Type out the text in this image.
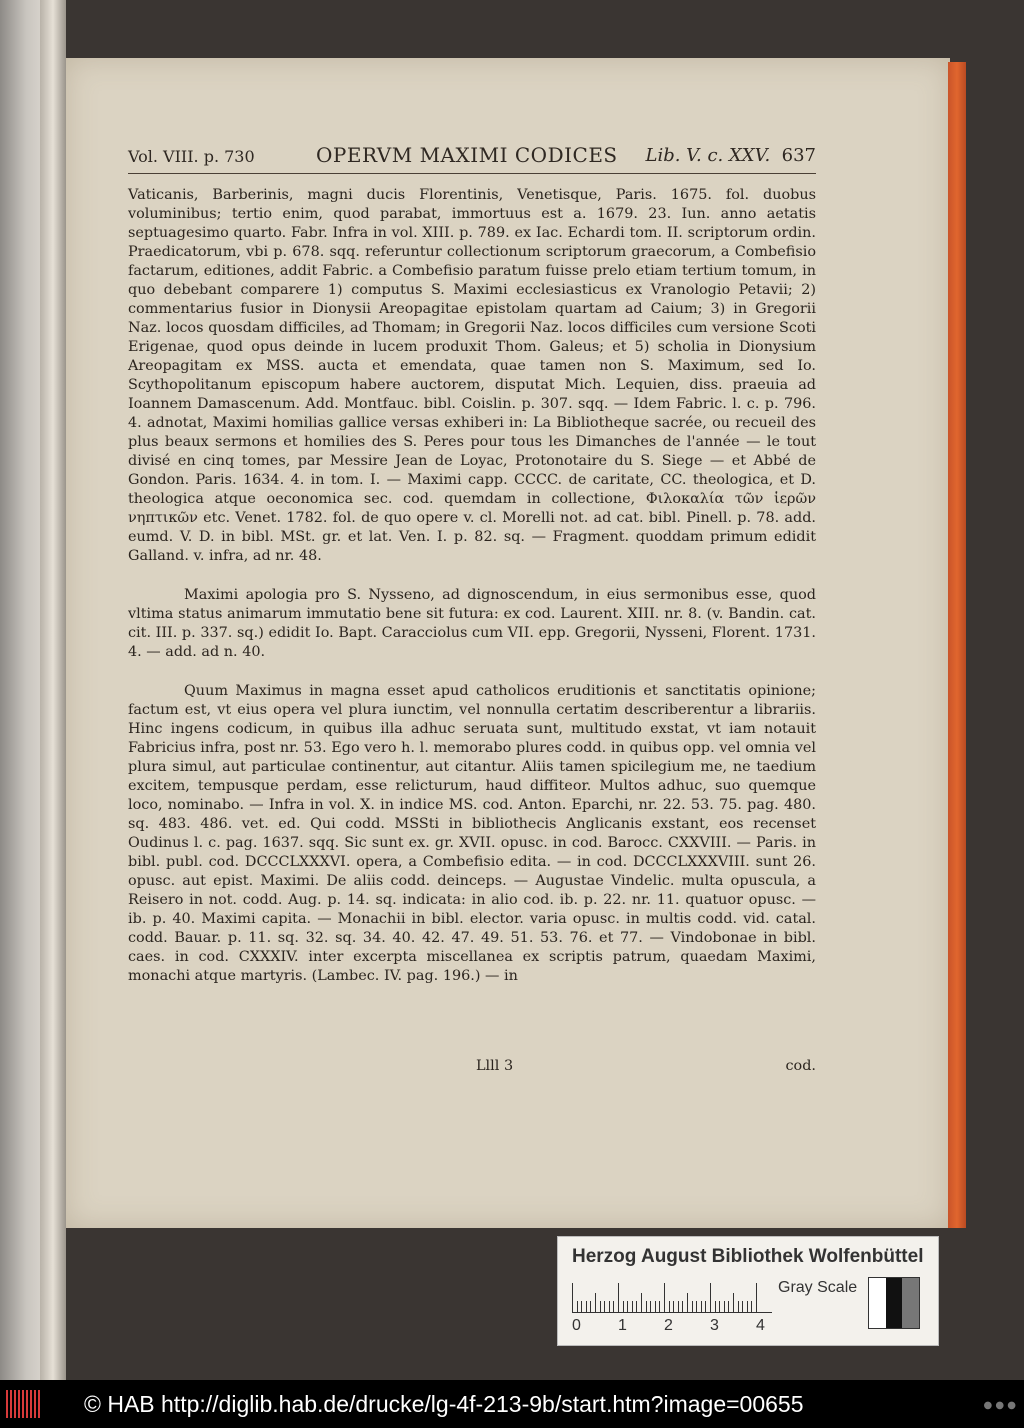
Vol. VIII. p. 730	OPERVM MAXIMI CODICES Lib. V. c. XXV. 637

Vaticanis, Barberinis, magni ducis Florentinis, Venetisque, Paris. 1675. fol. duobus voluminibus; tertio enim, quod parabat, immortuus est a. 1679. 23. Iun. anno aetatis septuagesimo quarto. Fabr. Infra in vol. XIII. p. 789. ex Iac. Echardi tom. II. scriptorum ordin. Praedicatorum, vbi p. 678. sqq. referuntur collectionum scriptorum graecorum, a Combefisio factarum, editiones, addit Fabric. a Combefisio paratum fuisse prelo etiam tertium tomum, in quo debebant comparere 1) computus S. Maximi ecclesiasticus ex Vranologio Petavii; 2) commentarius fusior in Dionysii Areopagitae epistolam quartam ad Caium; 3) in Gregorii Naz. locos quosdam difficiles, ad Thomam; in Gregorii Naz. locos difficiles cum versione Scoti Erigenae, quod opus deinde in lucem produxit Thom. Galeus; et 5) scholia in Dionysium Areopagitam ex MSS. aucta et emendata, quae tamen non S. Maximum, sed Io. Scythopolitanum episcopum habere auctorem, disputat Mich. Lequien, diss. praeuia ad Ioannem Damascenum. Add. Montfauc. bibl. Coislin. p. 307. sqq. — Idem Fabric. l. c. p. 796. 4. adnotat, Maximi homilias gallice versas exhiberi in: La Bibliotheque sacrée, ou recueil des plus beaux sermons et homilies des S. Peres pour tous les Dimanches de l'année — le tout divisé en cinq tomes, par Messire Jean de Loyac, Protonotaire du S. Siege — et Abbé de Gondon. Paris. 1634. 4. in tom. I. — Maximi capp. CCCC. de caritate, CC. theologica, et D. theologica atque oeconomica sec. cod. quemdam in collectione, Φιλοκαλία τῶν ἱερῶν νηπτικῶν etc. Venet. 1782. fol. de quo opere v. cl. Morelli not. ad cat. bibl. Pinell. p. 78. add. eumd. V. D. in bibl. MSt. gr. et lat. Ven. I. p. 82. sq. — Fragment. quoddam primum edidit Galland. v. infra, ad nr. 48.

Maximi apologia pro S. Nysseno, ad dignoscendum, in eius sermonibus esse, quod vltima status animarum immutatio bene sit futura: ex cod. Laurent. XIII. nr. 8. (v. Bandin. cat. cit. III. p. 337. sq.) edidit Io. Bapt. Caracciolus cum VII. epp. Gregorii, Nysseni, Florent. 1731. 4. — add. ad n. 40.

Quum Maximus in magna esset apud catholicos eruditionis et sanctitatis opinione; factum est, vt eius opera vel plura iunctim, vel nonnulla certatim describerentur a librariis. Hinc ingens codicum, in quibus illa adhuc seruata sunt, multitudo exstat, vt iam notauit Fabricius infra, post nr. 53. Ego vero h. l. memorabo plures codd. in quibus opp. vel omnia vel plura simul, aut particulae continentur, aut citantur. Aliis tamen spicilegium me, ne taedium excitem, tempusque perdam, esse relicturum, haud diffiteor. Multos adhuc, suo quemque loco, nominabo. — Infra in vol. X. in indice MS. cod. Anton. Eparchi, nr. 22. 53. 75. pag. 480. sq. 483. 486. vet. ed. Qui codd. MSSti in bibliothecis Anglicanis exstant, eos recenset Oudinus l. c. pag. 1637. sqq. Sic sunt ex. gr. XVII. opusc. in cod. Barocc. CXXVIII. — Paris. in bibl. publ. cod. DCCCLXXXVI. opera, a Combefisio edita. — in cod. DCCCLXXXVIII. sunt 26. opusc. aut epist. Maximi. De aliis codd. deinceps. — Augustae Vindelic. multa opuscula, a Reisero in not. codd. Aug. p. 14. sq. indicata: in alio cod. ib. p. 22. nr. 11. quatuor opusc. — ib. p. 40. Maximi capita. — Monachii in bibl. elector. varia opusc. in multis codd. vid. catal. codd. Bauar. p. 11. sq. 32. sq. 34. 40. 42. 47. 49. 51. 53. 76. et 77. — Vindobonae in bibl. caes. in cod. CXXXIV. inter excerpta miscellanea ex scriptis patrum, quaedam Maximi, monachi atque martyris. (Lambec. IV. pag. 196.) — in

Llll 3	cod.
Herzog August Bibliothek Wolfenbüttel
0 1 2 3 4
Gray Scale
© HAB http://diglib.hab.de/drucke/lg-4f-213-9b/start.htm?image=00655	● ● ●
